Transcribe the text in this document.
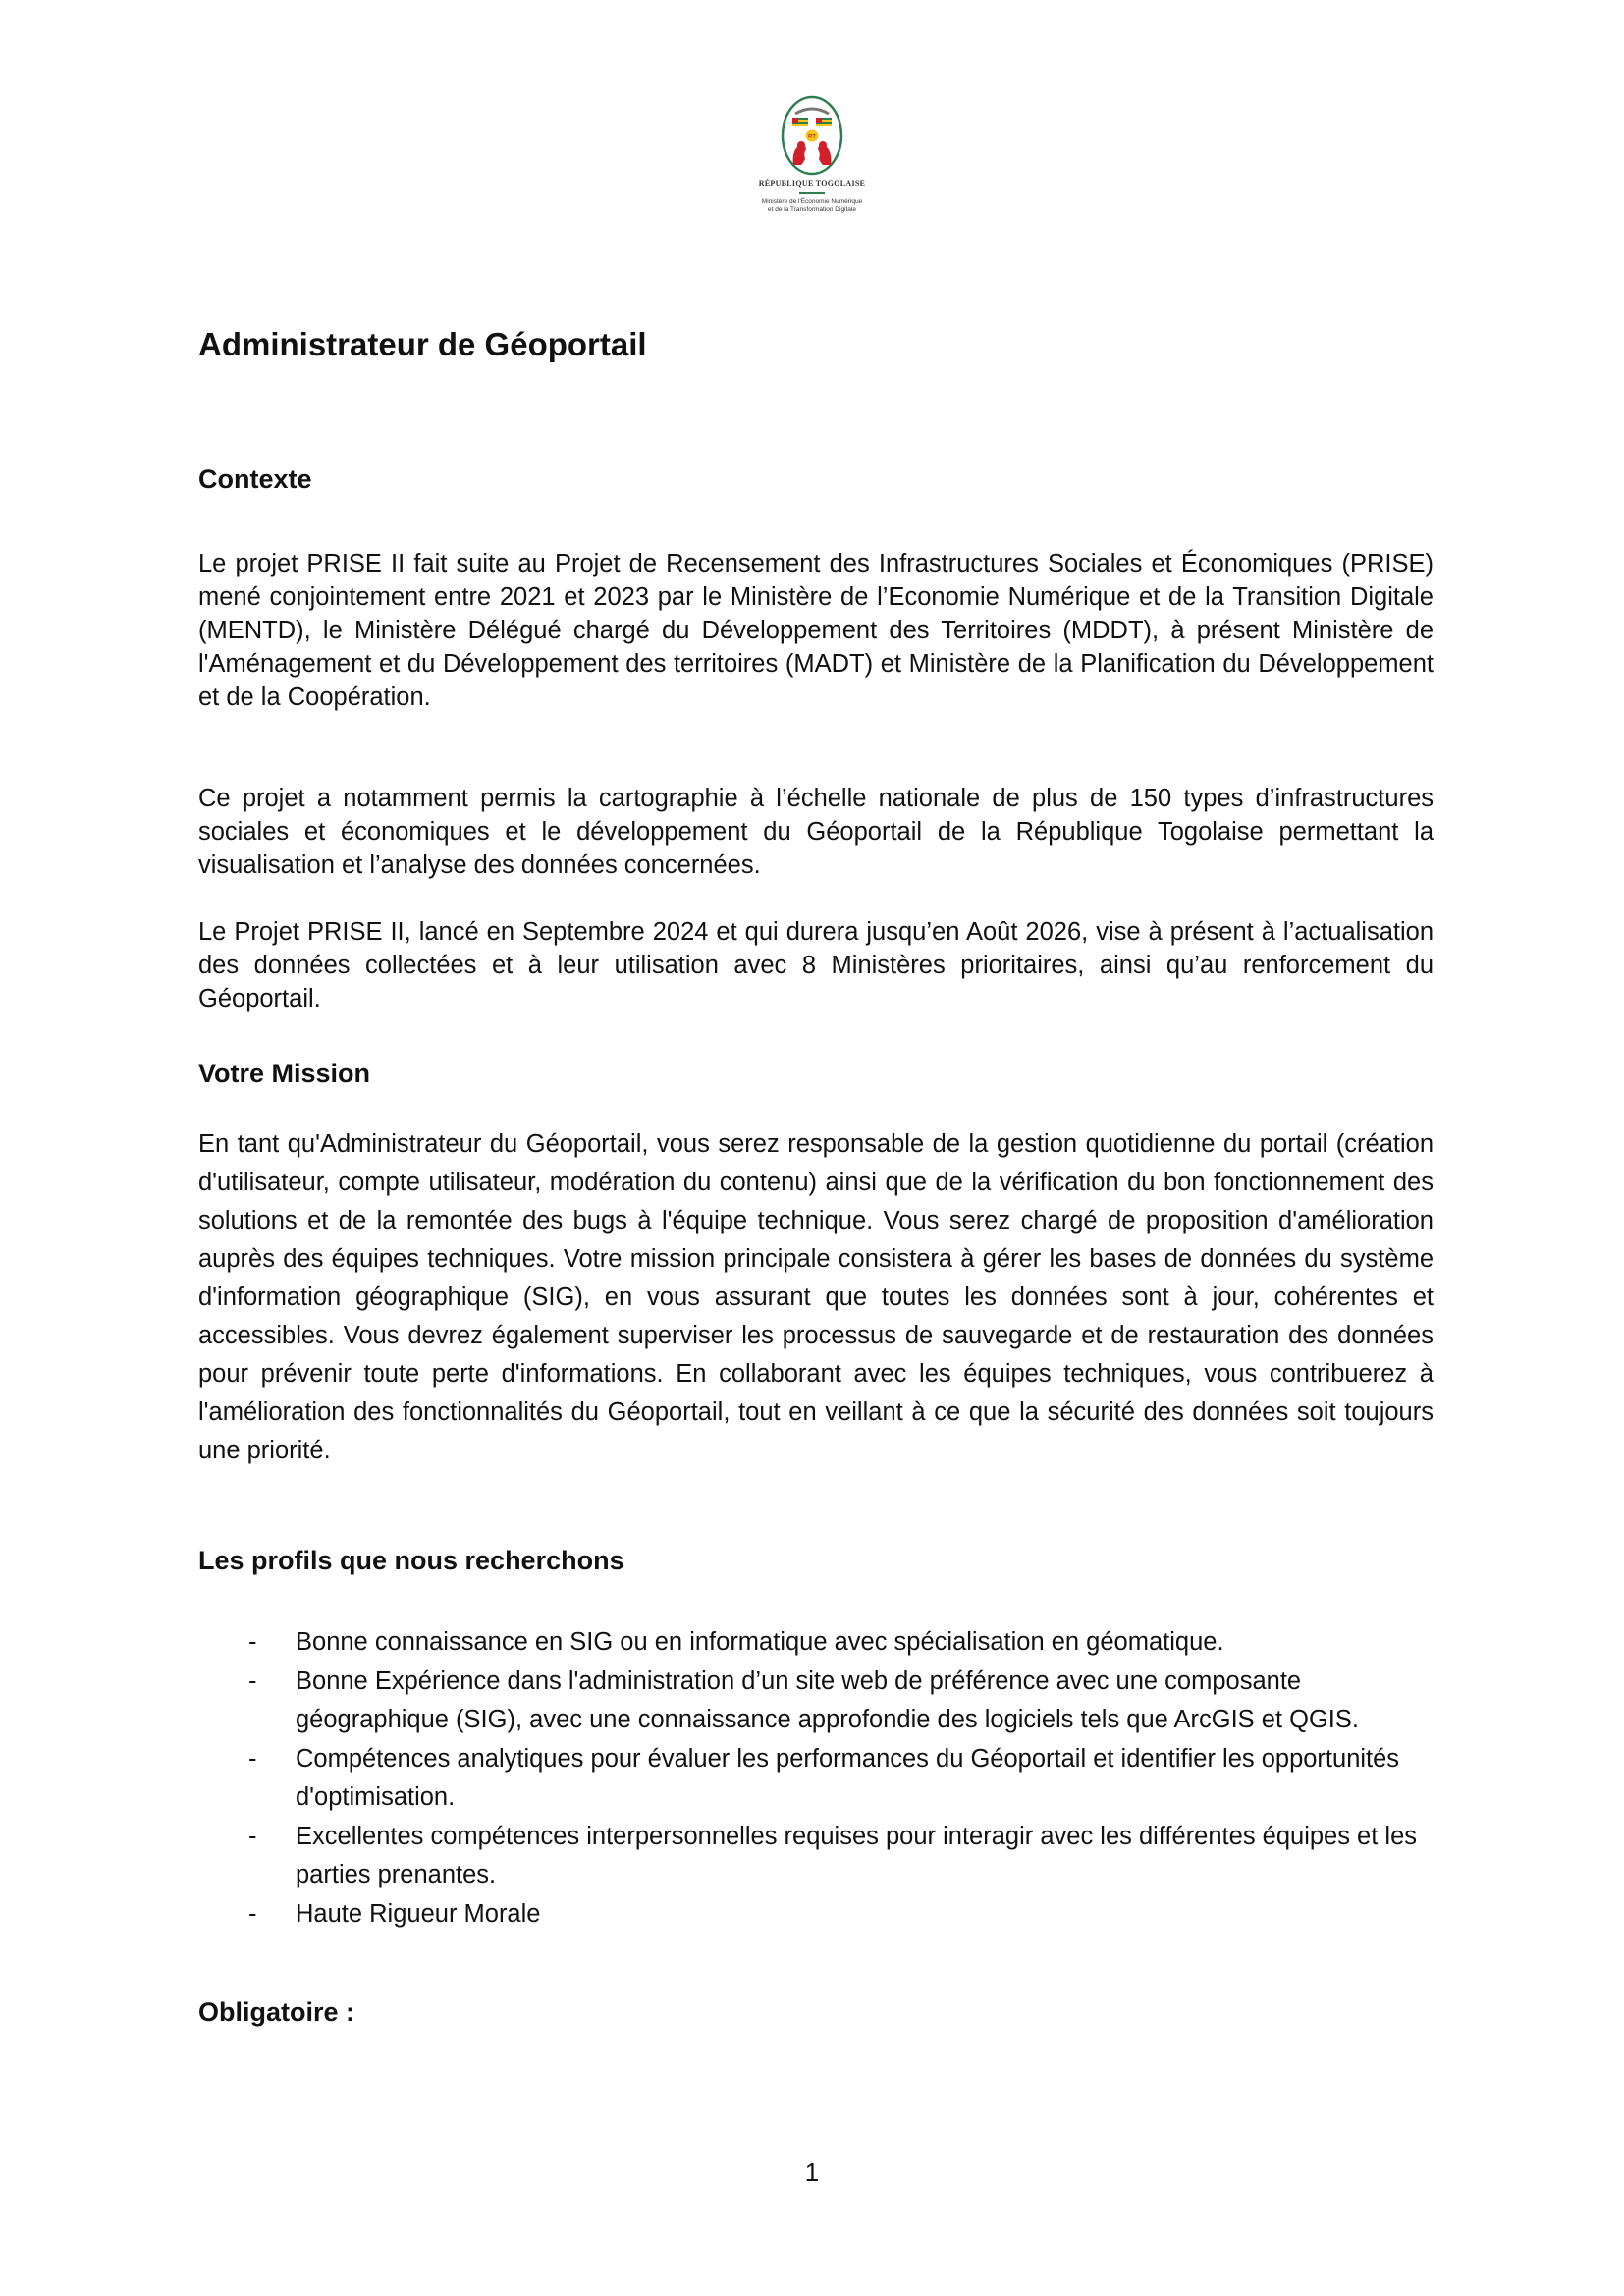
RT
RÉPUBLIQUE TOGOLAISE
Ministère de l'Économie Numérique
et de la Transformation Digitale
Administrateur de Géoportail
Contexte

Le projet PRISE II fait suite au Projet de Recensement des Infrastructures Sociales et Économiques (PRISE) mené conjointement entre 2021 et 2023 par le Ministère de l’Economie Numérique et de la Transition Digitale (MENTD), le Ministère Délégué chargé du Développement des Territoires (MDDT), à présent Ministère de l'Aménagement et du Développement des territoires (MADT) et Ministère de la Planification du Développement et de la Coopération.

Ce projet a notamment permis la cartographie à l’échelle nationale de plus de 150 types d’infrastructures sociales et économiques et le développement du Géoportail de la République Togolaise permettant la visualisation et l’analyse des données concernées.

Le Projet PRISE II, lancé en Septembre 2024 et qui durera jusqu’en Août 2026, vise à présent à l’actualisation des données collectées et à leur utilisation avec 8 Ministères prioritaires, ainsi qu’au renforcement du Géoportail.

Votre Mission

En tant qu'Administrateur du Géoportail, vous serez responsable de la gestion quotidienne du portail (création d'utilisateur, compte utilisateur, modération du contenu) ainsi que de la vérification du bon fonctionnement des solutions et de la remontée des bugs à l'équipe technique. Vous serez chargé de proposition d'amélioration auprès des équipes techniques. Votre mission principale consistera à gérer les bases de données du système d'information géographique (SIG), en vous assurant que toutes les données sont à jour, cohérentes et accessibles. Vous devrez également superviser les processus de sauvegarde et de restauration des données pour prévenir toute perte d'informations. En collaborant avec les équipes techniques, vous contribuerez à l'amélioration des fonctionnalités du Géoportail, tout en veillant à ce que la sécurité des données soit toujours une priorité.

Les profils que nous recherchons
- Bonne connaissance en SIG ou en informatique avec spécialisation en géomatique.
- Bonne Expérience dans l'administration d’un site web de préférence avec une composante géographique (SIG), avec une connaissance approfondie des logiciels tels que ArcGIS et QGIS.
- Compétences analytiques pour évaluer les performances du Géoportail et identifier les opportunités d'optimisation.
- Excellentes compétences interpersonnelles requises pour interagir avec les différentes équipes et les parties prenantes.
- Haute Rigueur Morale
Obligatoire :
1
